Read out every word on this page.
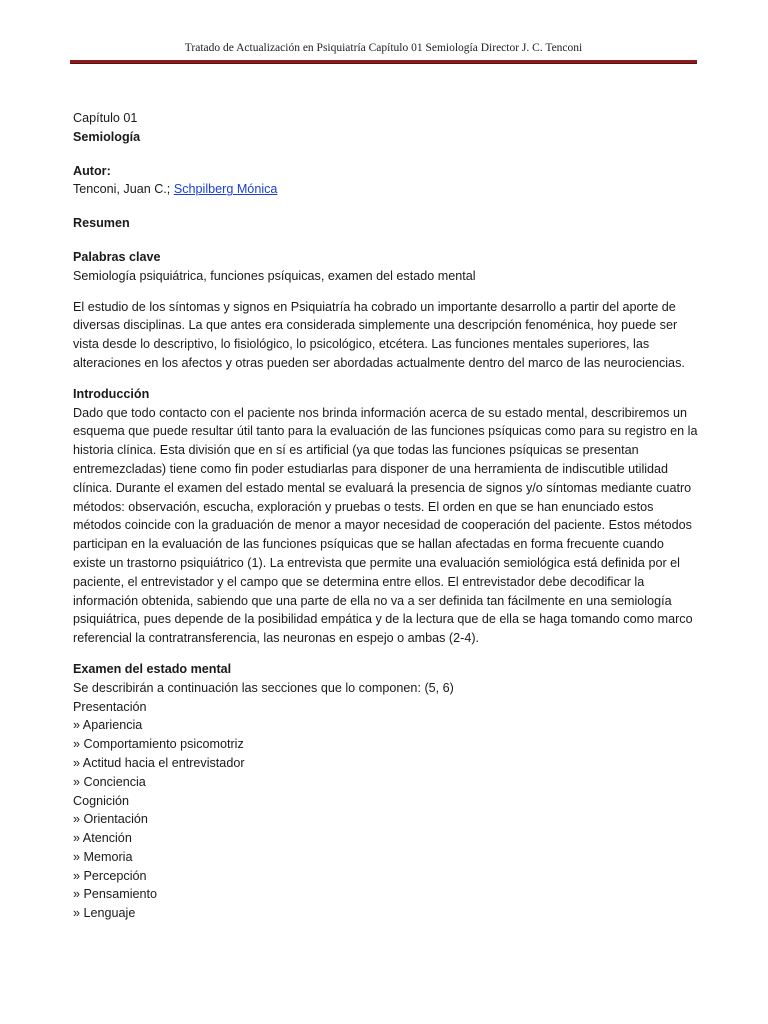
Tratado de Actualización en Psiquiatría Capítulo 01 Semiología Director J. C. Tenconi

Capítulo 01

Semiología

Autor:

Tenconi, Juan C.; Schpilberg Mónica

Resumen

Palabras clave

Semiología psiquiátrica, funciones psíquicas, examen del estado mental

El estudio de los síntomas y signos en Psiquiatría ha cobrado un importante desarrollo a partir del aporte de diversas disciplinas. La que antes era considerada simplemente una descripción fenoménica, hoy puede ser vista desde lo descriptivo, lo fisiológico, lo psicológico, etcétera. Las funciones mentales superiores, las alteraciones en los afectos y otras pueden ser abordadas actualmente dentro del marco de las neurociencias.

Introducción

Dado que todo contacto con el paciente nos brinda información acerca de su estado mental, describiremos un esquema que puede resultar útil tanto para la evaluación de las funciones psíquicas como para su registro en la historia clínica. Esta división que en sí es artificial (ya que todas las funciones psíquicas se presentan entremezcladas) tiene como fin poder estudiarlas para disponer de una herramienta de indiscutible utilidad clínica. Durante el examen del estado mental se evaluará la presencia de signos y/o síntomas mediante cuatro métodos: observación, escucha, exploración y pruebas o tests. El orden en que se han enunciado estos métodos coincide con la graduación de menor a mayor necesidad de cooperación del paciente. Estos métodos participan en la evaluación de las funciones psíquicas que se hallan afectadas en forma frecuente cuando existe un trastorno psiquiátrico (1). La entrevista que permite una evaluación semiológica está definida por el paciente, el entrevistador y el campo que se determina entre ellos. El entrevistador debe decodificar la información obtenida, sabiendo que una parte de ella no va a ser definida tan fácilmente en una semiología psiquiátrica, pues depende de la posibilidad empática y de la lectura que de ella se haga tomando como marco referencial la contratransferencia, las neuronas en espejo o ambas (2-4).

Examen del estado mental

Se describirán a continuación las secciones que lo componen: (5, 6)

Presentación

» Apariencia

» Comportamiento psicomotriz

» Actitud hacia el entrevistador

» Conciencia

Cognición

» Orientación

» Atención

» Memoria

» Percepción

» Pensamiento

» Lenguaje
